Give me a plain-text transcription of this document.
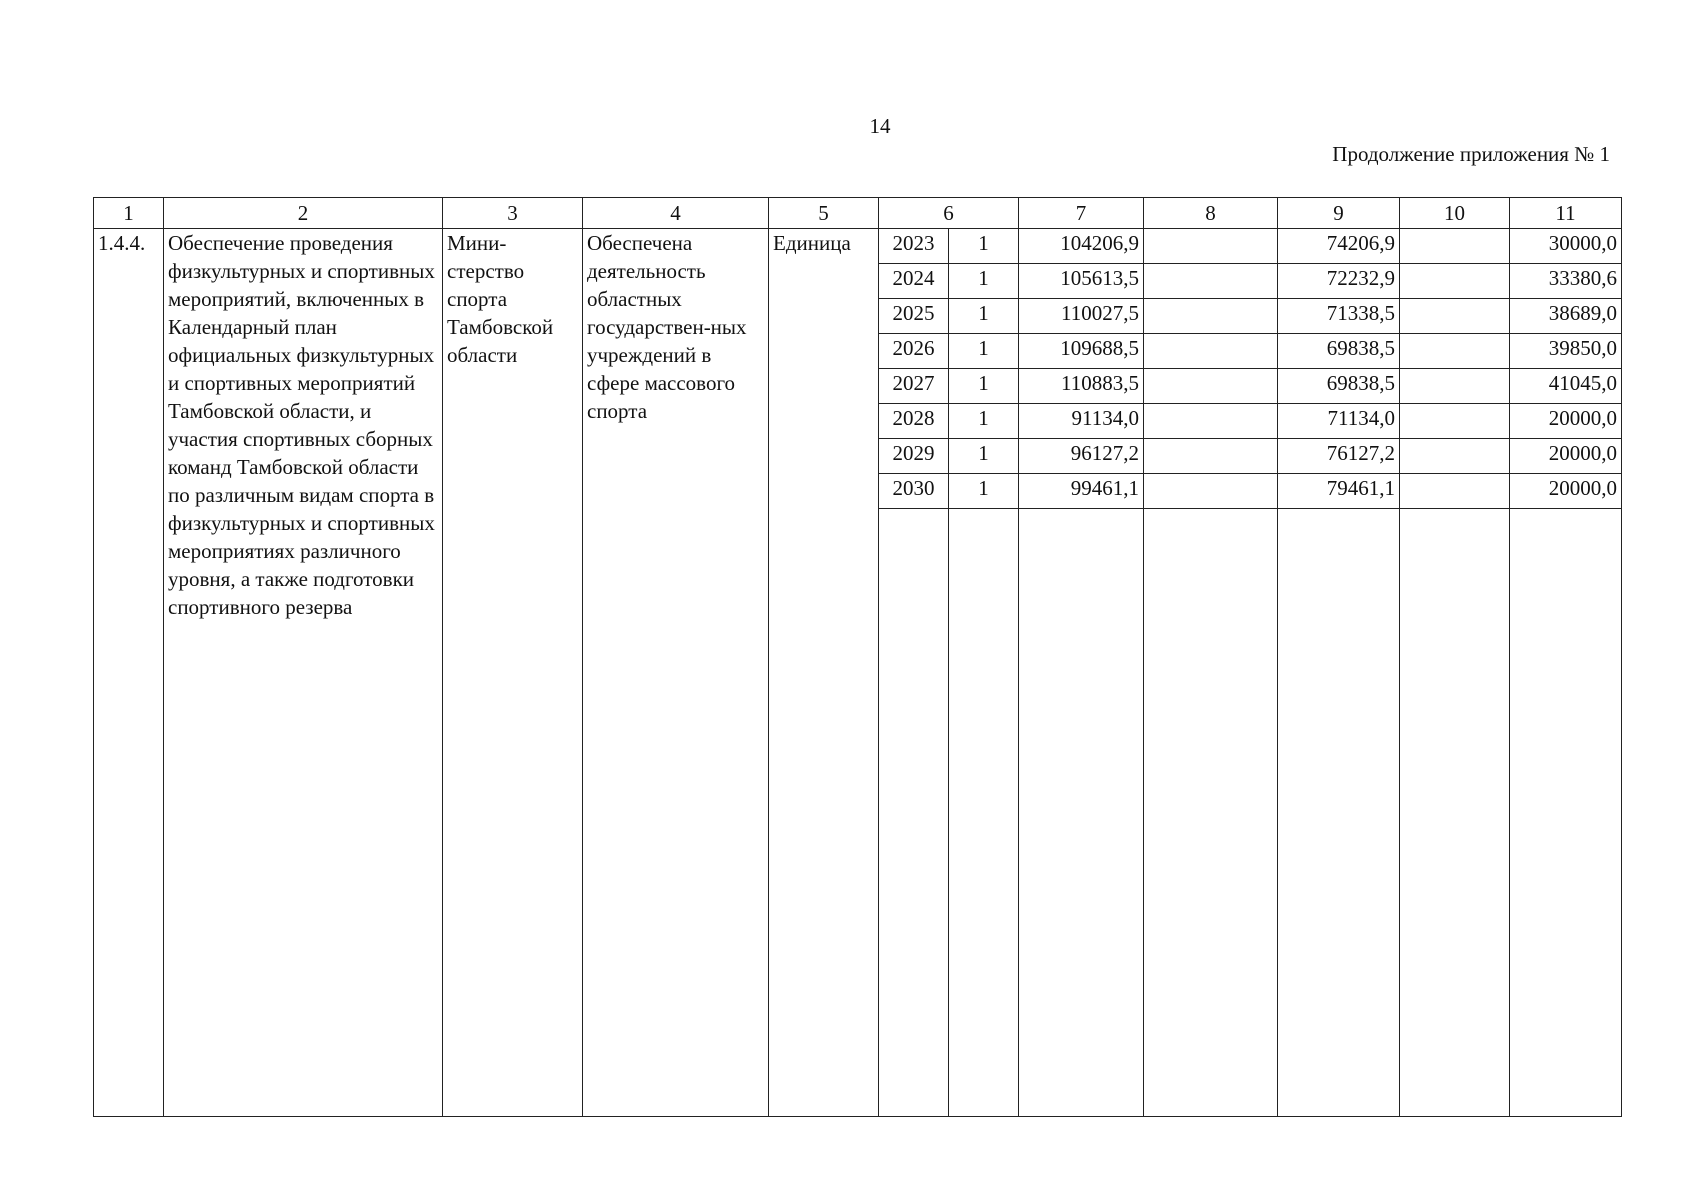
14
Продолжение приложения № 1
1	2	3	4	5	6		7	8	9	10	11
1.4.4.	Обеспечение проведения физкультурных и спортивных мероприятий, включенных в Календарный план официальных физкультурных и спортивных мероприятий Тамбовской области, и участия спортивных сборных команд Тамбовской области по различным видам спорта в физкультурных и спортивных мероприятиях различного уровня, а также подготовки спортивного резерва	Мини-стерство спорта Тамбовской области	Обеспечена деятельность областных государствен-ных учреждений в сфере массового спорта	Единица	2023	1	104206,9		74206,9		30000,0
					2024	1	105613,5		72232,9		33380,6
					2025	1	110027,5		71338,5		38689,0
					2026	1	109688,5		69838,5		39850,0
					2027	1	110883,5		69838,5		41045,0
					2028	1	91134,0		71134,0		20000,0
					2029	1	96127,2		76127,2		20000,0
					2030	1	99461,1		79461,1		20000,0
